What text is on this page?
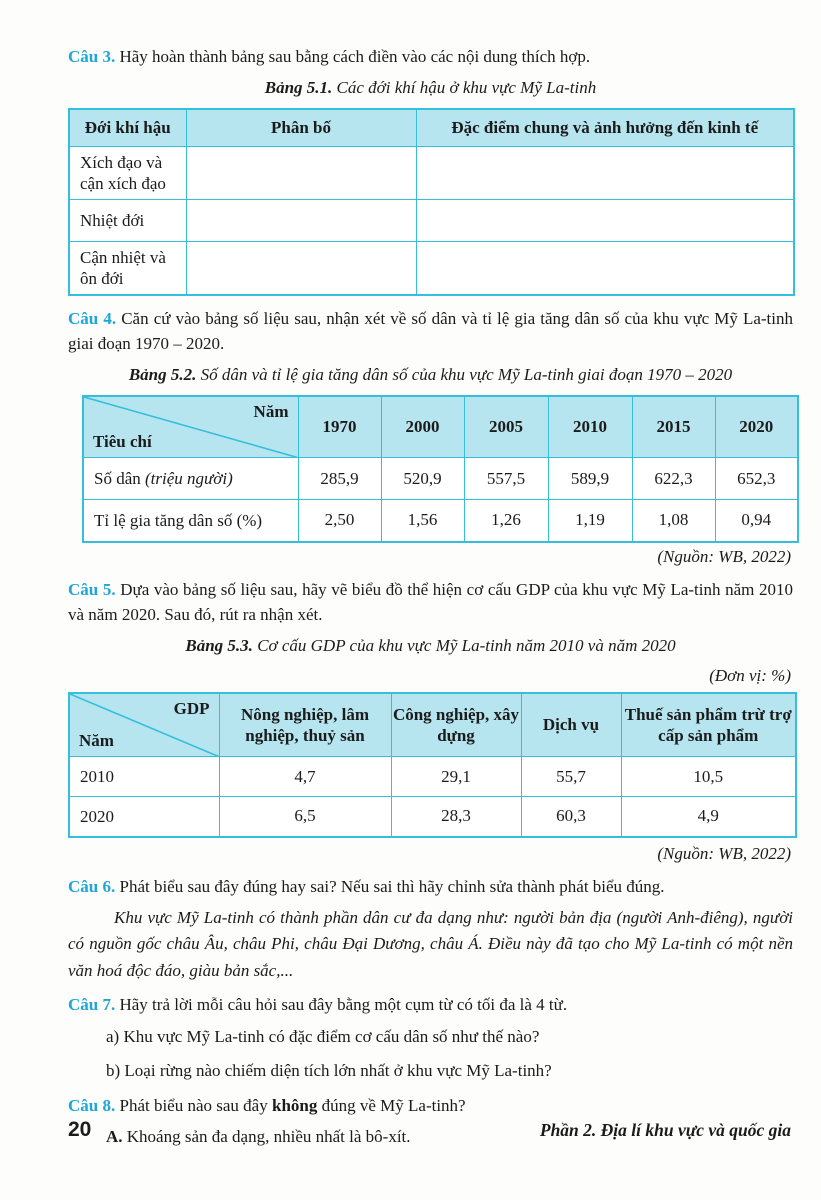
Câu 3. Hãy hoàn thành bảng sau bằng cách điền vào các nội dung thích hợp.

Bảng 5.1. Các đới khí hậu ở khu vực Mỹ La-tinh

Đới khí hậu	Phân bố	Đặc điểm chung và ảnh hưởng đến kinh tế
Xích đạo và cận xích đạo		
Nhiệt đới		
Cận nhiệt và ôn đới		

Câu 4. Căn cứ vào bảng số liệu sau, nhận xét về số dân và tỉ lệ gia tăng dân số của khu vực Mỹ La-tinh giai đoạn 1970 – 2020.

Bảng 5.2. Số dân và tỉ lệ gia tăng dân số của khu vực Mỹ La-tinh giai đoạn 1970 – 2020

Năm
Tiêu chí	1970	2000	2005	2010	2015	2020
Số dân (triệu người)	285,9	520,9	557,5	589,9	622,3	652,3
Tỉ lệ gia tăng dân số (%)	2,50	1,56	1,26	1,19	1,08	0,94

(Nguồn: WB, 2022)

Câu 5. Dựa vào bảng số liệu sau, hãy vẽ biểu đồ thể hiện cơ cấu GDP của khu vực Mỹ La-tinh năm 2010 và năm 2020. Sau đó, rút ra nhận xét.

Bảng 5.3. Cơ cấu GDP của khu vực Mỹ La-tinh năm 2010 và năm 2020

(Đơn vị: %)

GDP
Năm	Nông nghiệp, lâm nghiệp, thuỷ sản	Công nghiệp, xây dựng	Dịch vụ	Thuế sản phẩm trừ trợ cấp sản phẩm
2010	4,7	29,1	55,7	10,5
2020	6,5	28,3	60,3	4,9

(Nguồn: WB, 2022)

Câu 6. Phát biểu sau đây đúng hay sai? Nếu sai thì hãy chỉnh sửa thành phát biểu đúng.

Khu vực Mỹ La-tinh có thành phần dân cư đa dạng như: người bản địa (người Anh-điêng), người có nguồn gốc châu Âu, châu Phi, châu Đại Dương, châu Á. Điều này đã tạo cho Mỹ La-tinh có một nền văn hoá độc đáo, giàu bản sắc,...

Câu 7. Hãy trả lời mỗi câu hỏi sau đây bằng một cụm từ có tối đa là 4 từ.

a) Khu vực Mỹ La-tinh có đặc điểm cơ cấu dân số như thế nào?

b) Loại rừng nào chiếm diện tích lớn nhất ở khu vực Mỹ La-tinh?

Câu 8. Phát biểu nào sau đây không đúng về Mỹ La-tinh?

A. Khoáng sản đa dạng, nhiều nhất là bô-xít.

20	Phần 2. Địa lí khu vực và quốc gia
